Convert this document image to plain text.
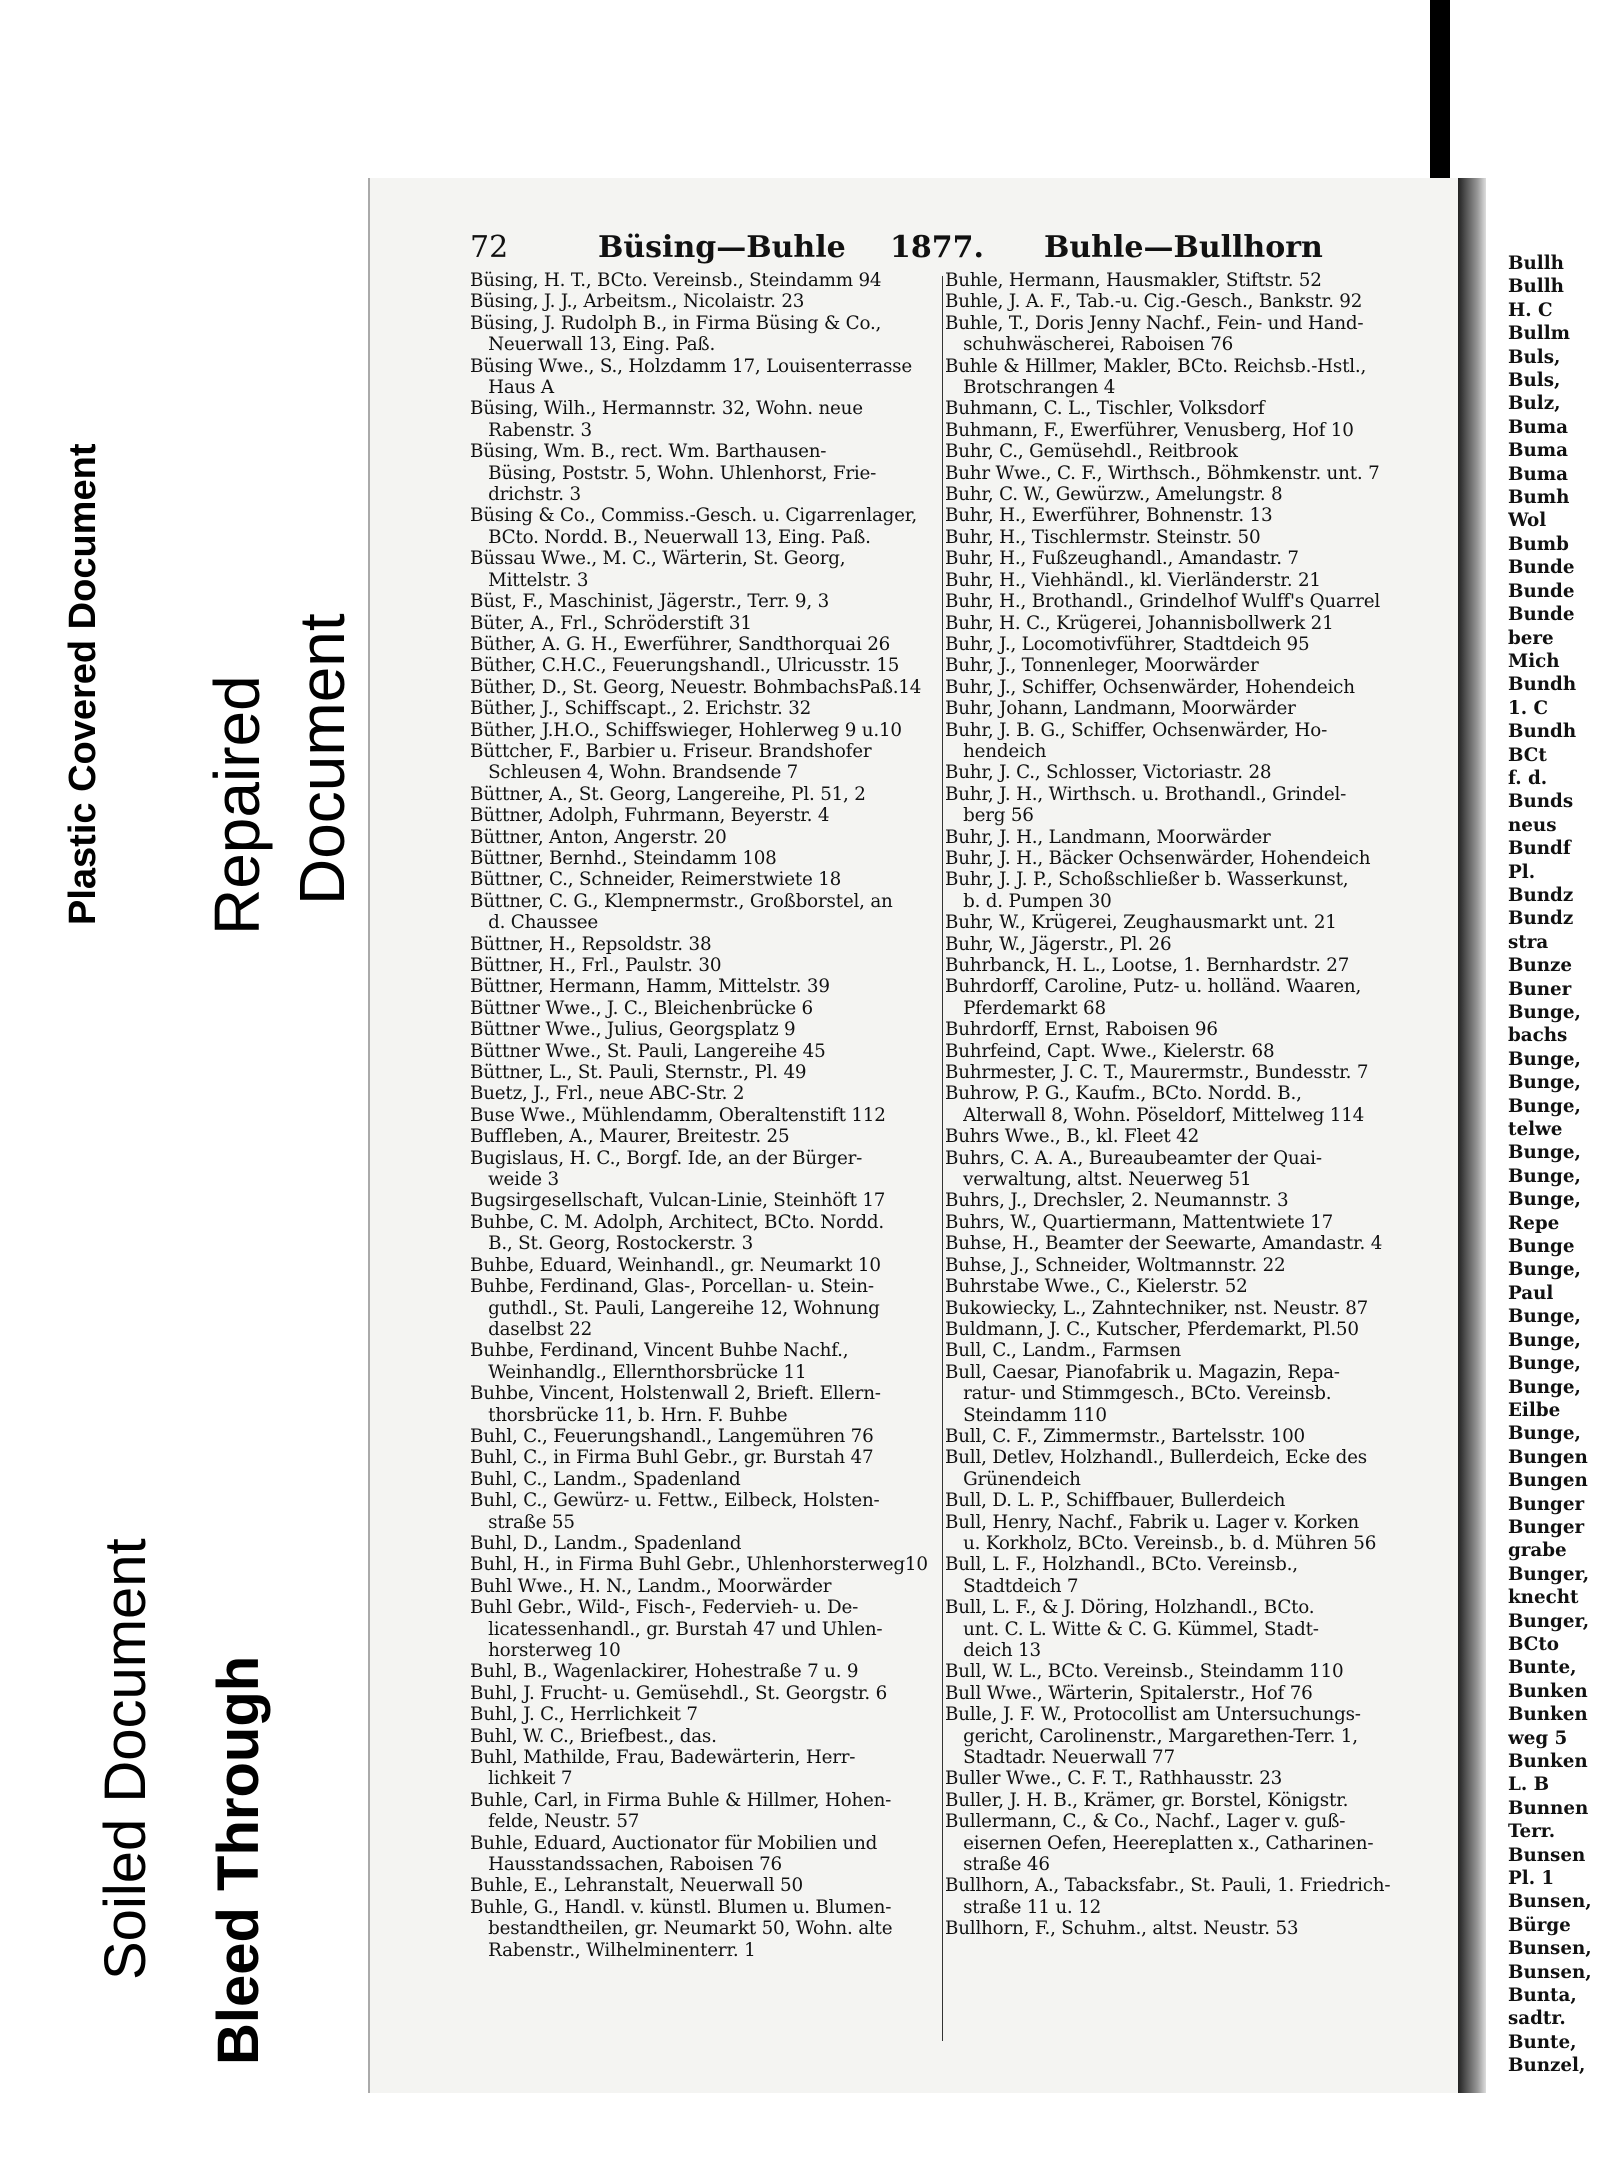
Plastic Covered Document Repaired Document
Soiled Document Bleed Through
72	Büsing—Buhle 1877. Buhle—Bullhorn
Büsing, H. T., BCto. Vereinsb., Steindamm 94
Büsing, J. J., Arbeitsm., Nicolaistr. 23
Büsing, J. Rudolph B., in Firma Büsing & Co.,
 Neuerwall 13, Eing. Paß.
Büsing Wwe., S., Holzdamm 17, Louisenterrasse
 Haus A
Büsing, Wilh., Hermannstr. 32, Wohn. neue
 Rabenstr. 3
Büsing, Wm. B., rect. Wm. Barthausen-
 Büsing, Poststr. 5, Wohn. Uhlenhorst, Frie-
 drichstr. 3
Büsing & Co., Commiss.-Gesch. u. Cigarrenlager,
 BCto. Nordd. B., Neuerwall 13, Eing. Paß.
Büssau Wwe., M. C., Wärterin, St. Georg,
 Mittelstr. 3
Büst, F., Maschinist, Jägerstr., Terr. 9, 3
Büter, A., Frl., Schröderstift 31
Büther, A. G. H., Ewerführer, Sandthorquai 26
Büther, C.H.C., Feuerungshandl., Ulricusstr. 15
Büther, D., St. Georg, Neuestr. BohmbachsPaß.14
Büther, J., Schiffscapt., 2. Erichstr. 32
Büther, J.H.O., Schiffswieger, Hohlerweg 9 u.10
Büttcher, F., Barbier u. Friseur. Brandshofer
 Schleusen 4, Wohn. Brandsende 7
Büttner, A., St. Georg, Langereihe, Pl. 51, 2
Büttner, Adolph, Fuhrmann, Beyerstr. 4
Büttner, Anton, Angerstr. 20
Büttner, Bernhd., Steindamm 108
Büttner, C., Schneider, Reimerstwiete 18
Büttner, C. G., Klempnermstr., Großborstel, an
 d. Chaussee
Büttner, H., Repsoldstr. 38
Büttner, H., Frl., Paulstr. 30
Büttner, Hermann, Hamm, Mittelstr. 39
Büttner Wwe., J. C., Bleichenbrücke 6
Büttner Wwe., Julius, Georgsplatz 9
Büttner Wwe., St. Pauli, Langereihe 45
Büttner, L., St. Pauli, Sternstr., Pl. 49
Buetz, J., Frl., neue ABC-Str. 2
Buse Wwe., Mühlendamm, Oberaltenstift 112
Buffleben, A., Maurer, Breitestr. 25
Bugislaus, H. C., Borgf. Ide, an der Bürger-
 weide 3
Bugsirgesellschaft, Vulcan-Linie, Steinhöft 17
Buhbe, C. M. Adolph, Architect, BCto. Nordd.
 B., St. Georg, Rostockerstr. 3
Buhbe, Eduard, Weinhandl., gr. Neumarkt 10
Buhbe, Ferdinand, Glas-, Porcellan- u. Stein-
 guthdl., St. Pauli, Langereihe 12, Wohnung
 daselbst 22
Buhbe, Ferdinand, Vincent Buhbe Nachf.,
 Weinhandlg., Ellernthorsbrücke 11
Buhbe, Vincent, Holstenwall 2, Brieft. Ellern-
 thorsbrücke 11, b. Hrn. F. Buhbe
Buhl, C., Feuerungshandl., Langemühren 76
Buhl, C., in Firma Buhl Gebr., gr. Burstah 47
Buhl, C., Landm., Spadenland
Buhl, C., Gewürz- u. Fettw., Eilbeck, Holsten-
 straße 55
Buhl, D., Landm., Spadenland
Buhl, H., in Firma Buhl Gebr., Uhlenhorsterweg10
Buhl Wwe., H. N., Landm., Moorwärder
Buhl Gebr., Wild-, Fisch-, Federvieh- u. De-
 licatessenhandl., gr. Burstah 47 und Uhlen-
 horsterweg 10
Buhl, B., Wagenlackirer, Hohestraße 7 u. 9
Buhl, J. Frucht- u. Gemüsehdl., St. Georgstr. 6
Buhl, J. C., Herrlichkeit 7
Buhl, W. C., Briefbest., das.
Buhl, Mathilde, Frau, Badewärterin, Herr-
 lichkeit 7
Buhle, Carl, in Firma Buhle & Hillmer, Hohen-
 felde, Neustr. 57
Buhle, Eduard, Auctionator für Mobilien und
 Hausstandssachen, Raboisen 76
Buhle, E., Lehranstalt, Neuerwall 50
Buhle, G., Handl. v. künstl. Blumen u. Blumen-
 bestandtheilen, gr. Neumarkt 50, Wohn. alte
 Rabenstr., Wilhelminenterr. 1
Buhle, Hermann, Hausmakler, Stiftstr. 52
Buhle, J. A. F., Tab.-u. Cig.-Gesch., Bankstr. 92
Buhle, T., Doris Jenny Nachf., Fein- und Hand-
 schuhwäscherei, Raboisen 76
Buhle & Hillmer, Makler, BCto. Reichsb.-Hstl.,
 Brotschrangen 4
Buhmann, C. L., Tischler, Volksdorf
Buhmann, F., Ewerführer, Venusberg, Hof 10
Buhr, C., Gemüsehdl., Reitbrook
Buhr Wwe., C. F., Wirthsch., Böhmkenstr. unt. 7
Buhr, C. W., Gewürzw., Amelungstr. 8
Buhr, H., Ewerführer, Bohnenstr. 13
Buhr, H., Tischlermstr. Steinstr. 50
Buhr, H., Fußzeughandl., Amandastr. 7
Buhr, H., Viehhändl., kl. Vierländerstr. 21
Buhr, H., Brothandl., Grindelhof Wulff's Quarrel
Buhr, H. C., Krügerei, Johannisbollwerk 21
Buhr, J., Locomotivführer, Stadtdeich 95
Buhr, J., Tonnenleger, Moorwärder
Buhr, J., Schiffer, Ochsenwärder, Hohendeich
Buhr, Johann, Landmann, Moorwärder
Buhr, J. B. G., Schiffer, Ochsenwärder, Ho-
 hendeich
Buhr, J. C., Schlosser, Victoriastr. 28
Buhr, J. H., Wirthsch. u. Brothandl., Grindel-
 berg 56
Buhr, J. H., Landmann, Moorwärder
Buhr, J. H., Bäcker Ochsenwärder, Hohendeich
Buhr, J. J. P., Schoßschließer b. Wasserkunst,
 b. d. Pumpen 30
Buhr, W., Krügerei, Zeughausmarkt unt. 21
Buhr, W., Jägerstr., Pl. 26
Buhrbanck, H. L., Lootse, 1. Bernhardstr. 27
Buhrdorff, Caroline, Putz- u. holländ. Waaren,
 Pferdemarkt 68
Buhrdorff, Ernst, Raboisen 96
Buhrfeind, Capt. Wwe., Kielerstr. 68
Buhrmester, J. C. T., Maurermstr., Bundesstr. 7
Buhrow, P. G., Kaufm., BCto. Nordd. B.,
 Alterwall 8, Wohn. Pöseldorf, Mittelweg 114
Buhrs Wwe., B., kl. Fleet 42
Buhrs, C. A. A., Bureaubeamter der Quai-
 verwaltung, altst. Neuerweg 51
Buhrs, J., Drechsler, 2. Neumannstr. 3
Buhrs, W., Quartiermann, Mattentwiete 17
Buhse, H., Beamter der Seewarte, Amandastr. 4
Buhse, J., Schneider, Woltmannstr. 22
Buhrstabe Wwe., C., Kielerstr. 52
Bukowiecky, L., Zahntechniker, nst. Neustr. 87
Buldmann, J. C., Kutscher, Pferdemarkt, Pl.50
Bull, C., Landm., Farmsen
Bull, Caesar, Pianofabrik u. Magazin, Repa-
 ratur- und Stimmgesch., BCto. Vereinsb.
 Steindamm 110
Bull, C. F., Zimmermstr., Bartelsstr. 100
Bull, Detlev, Holzhandl., Bullerdeich, Ecke des
 Grünendeich
Bull, D. L. P., Schiffbauer, Bullerdeich
Bull, Henry, Nachf., Fabrik u. Lager v. Korken
 u. Korkholz, BCto. Vereinsb., b. d. Mühren 56
Bull, L. F., Holzhandl., BCto. Vereinsb.,
 Stadtdeich 7
Bull, L. F., & J. Döring, Holzhandl., BCto.
 unt. C. L. Witte & C. G. Kümmel, Stadt-
 deich 13
Bull, W. L., BCto. Vereinsb., Steindamm 110
Bull Wwe., Wärterin, Spitalerstr., Hof 76
Bulle, J. F. W., Protocollist am Untersuchungs-
 gericht, Carolinenstr., Margarethen-Terr. 1,
 Stadtadr. Neuerwall 77
Buller Wwe., C. F. T., Rathhausstr. 23
Buller, J. H. B., Krämer, gr. Borstel, Königstr.
Bullermann, C., & Co., Nachf., Lager v. guß-
 eisernen Oefen, Heereplatten x., Catharinen-
 straße 46
Bullhorn, A., Tabacksfabr., St. Pauli, 1. Friedrich-
 straße 11 u. 12
Bullhorn, F., Schuhm., altst. Neustr. 53
Bullh
Bullh
H. C
Bullm
Buls,
Buls,
Bulz,
Buma
Buma
Buma
Bumh
Wol
Bumb
Bunde
Bunde
Bunde
bere
Mich
Bundh
1. C
Bundh
BCt
f. d.
Bunds
neus
Bundf
Pl.
Bundz
Bundz
stra
Bunze
Buner
Bunge,
bachs
Bunge,
Bunge,
Bunge,
telwe
Bunge,
Bunge,
Bunge,
Repe
Bunge
Bunge,
Paul
Bunge,
Bunge,
Bunge,
Bunge,
Eilbe
Bunge,
Bungen
Bungen
Bunger
Bunger
grabe
Bunger,
knecht
Bunger,
BCto
Bunte,
Bunken
Bunken
weg 5
Bunken
L. B
Bunnen
Terr.
Bunsen
Pl. 1
Bunsen,
Bürge
Bunsen,
Bunsen,
Bunta,
sadtr.
Bunte,
Bunzel,
